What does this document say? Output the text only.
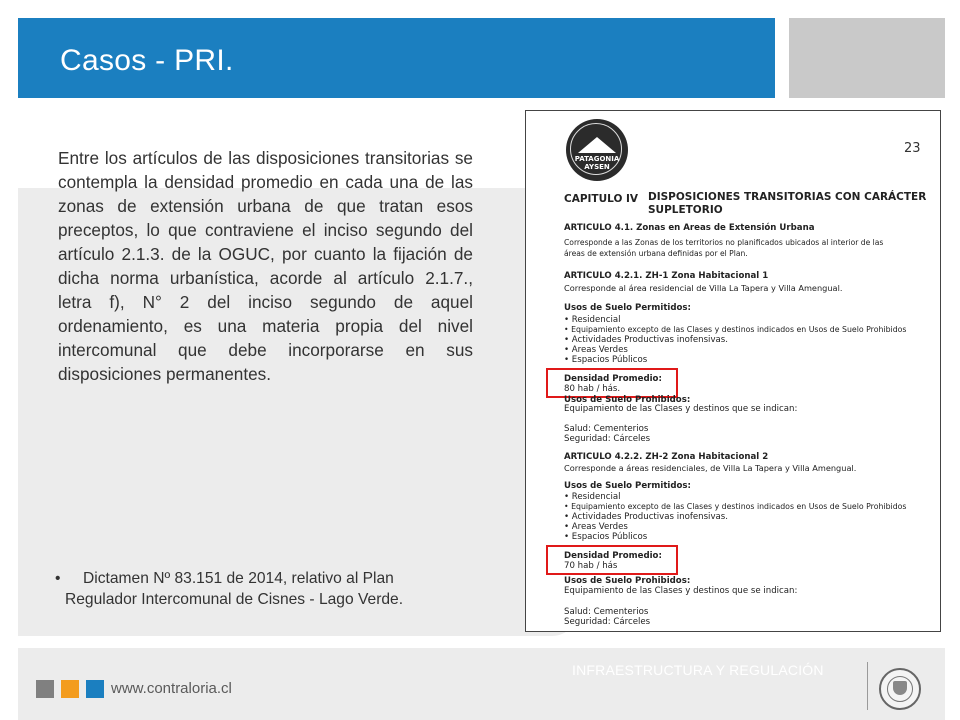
Casos - PRI.
Entre los artículos de las disposiciones transitorias se contempla la densidad promedio en cada una de las zonas de extensión urbana de que tratan esos preceptos, lo que contraviene el inciso segundo del artículo 2.1.3. de la OGUC, por cuanto la fijación de dicha norma urbanística, acorde al artículo 2.1.7., letra f), N° 2 del inciso segundo de aquel ordenamiento, es una materia propia del nivel intercomunal que debe incorporarse en sus disposiciones permanentes.
•	Dictamen Nº 83.151 de 2014, relativo al Plan
Regulador Intercomunal de Cisnes - Lago Verde.
PATAGONIA
AYSEN
23
CAPITULO IV DISPOSICIONES TRANSITORIAS CON CARÁCTER
SUPLETORIO
ARTICULO 4.1. Zonas en Areas de Extensión Urbana
Corresponde a las Zonas de los territorios no planificados ubicados al interior de las
áreas de extensión urbana definidas por el Plan.
ARTICULO 4.2.1. ZH-1 Zona Habitacional 1
Corresponde al área residencial de Villa La Tapera y Villa Amengual.
Usos de Suelo Permitidos:
• Residencial
• Equipamiento excepto de las Clases y destinos indicados en Usos de Suelo Prohibidos
• Actividades Productivas inofensivas.
• Areas Verdes
• Espacios Públicos
Densidad Promedio:
80 hab / hás.
Usos de Suelo Prohibidos:
Equipamiento de las Clases y destinos que se indican:
Salud: Cementerios
Seguridad: Cárceles
ARTICULO 4.2.2. ZH-2 Zona Habitacional 2
Corresponde a áreas residenciales, de Villa La Tapera y Villa Amengual.
Usos de Suelo Permitidos:
• Residencial
• Equipamiento excepto de las Clases y destinos indicados en Usos de Suelo Prohibidos
• Actividades Productivas inofensivas.
• Areas Verdes
• Espacios Públicos
Densidad Promedio:
70 hab / hás
Usos de Suelo Prohibidos:
Equipamiento de las Clases y destinos que se indican:
Salud: Cementerios
Seguridad: Cárceles
www.contraloria.cl
INFRAESTRUCTURA Y REGULACIÓN
